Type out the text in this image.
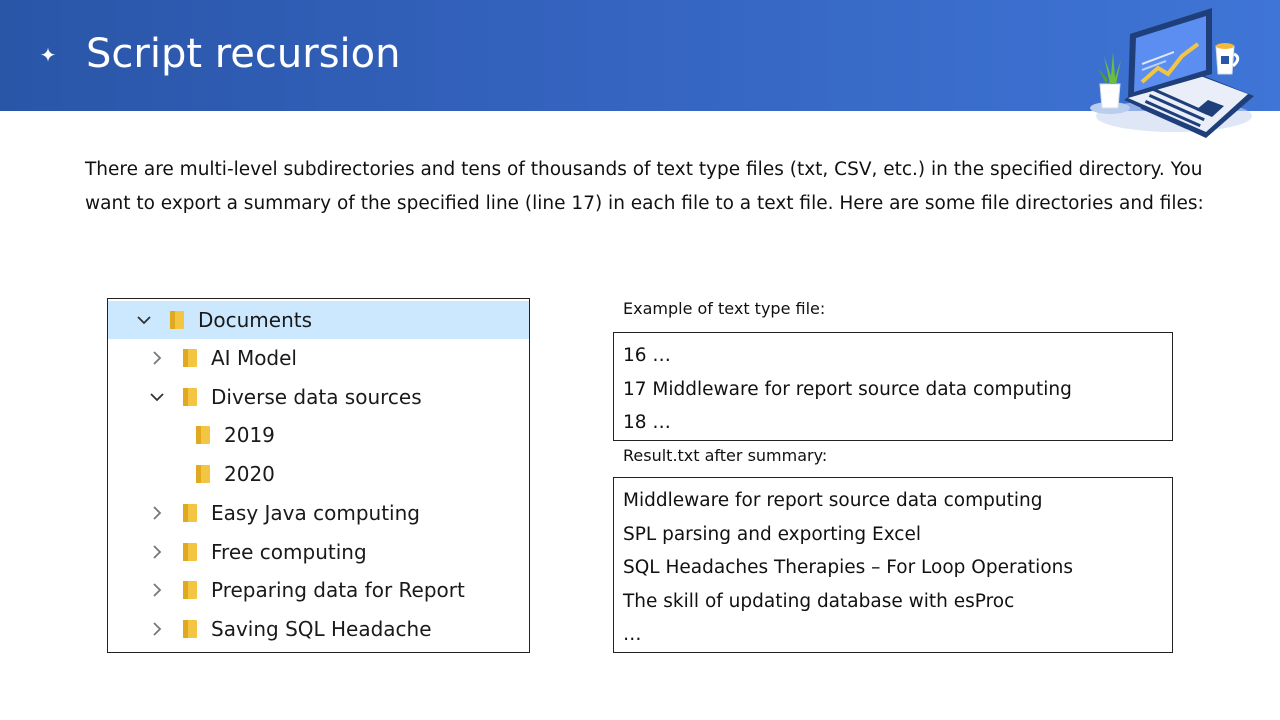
✦ Script recursion

There are multi-level subdirectories and tens of thousands of text type files (txt, CSV, etc.) in the specified directory. You

want to export a summary of the specified line (line 17) in each file to a text file. Here are some file directories and files:

Documents
AI Model
Diverse data sources
2019
2020
Easy Java computing
Free computing
Preparing data for Report
Saving SQL Headache
Example of text type file:
16 …
17 Middleware for report source data computing
18 …
Result.txt after summary:
Middleware for report source data computing
SPL parsing and exporting Excel
SQL Headaches Therapies – For Loop Operations
The skill of updating database with esProc
…
